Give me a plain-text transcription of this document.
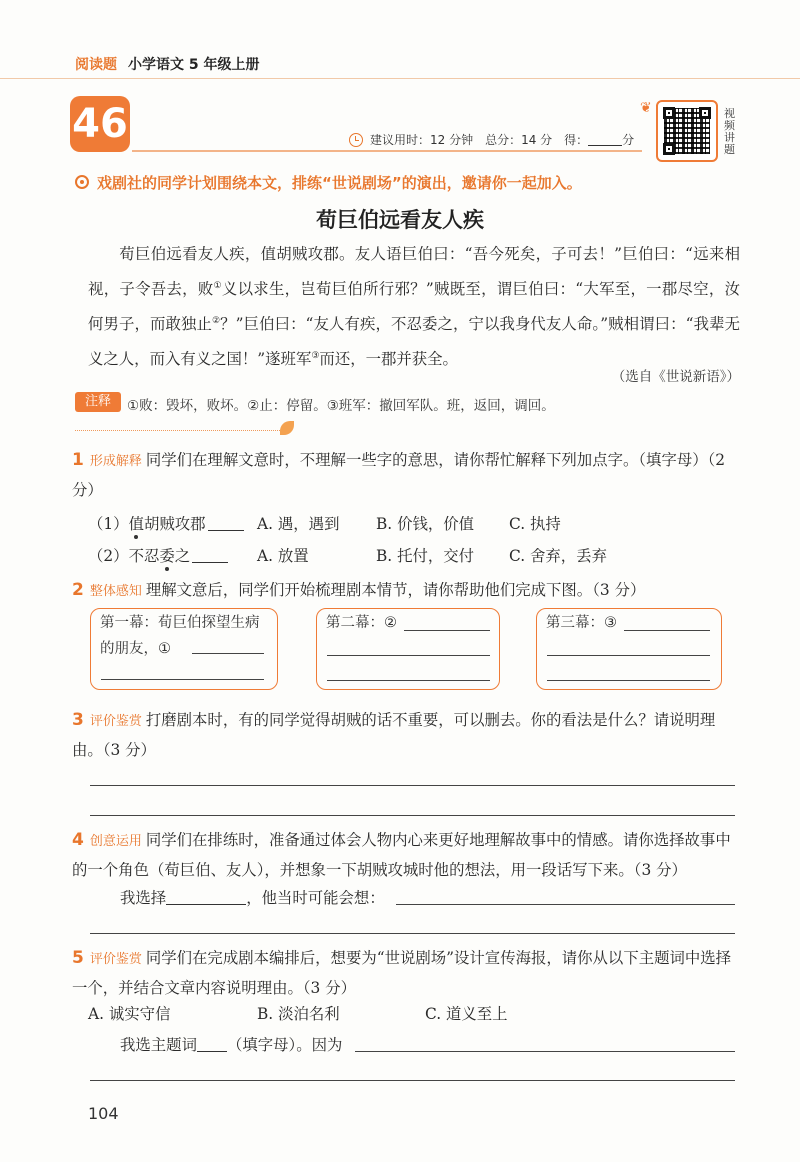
阅读题 小学语文 5 年级上册
46	建议用时：12 分钟　总分：14 分　得：	分
❦	视频讲题
戏剧社的同学计划围绕本文，排练“世说剧场”的演出，邀请你一起加入。
荀巨伯远看友人疾
荀巨伯远看友人疾，值胡贼攻郡。友人语巨伯曰：“吾今死矣，子可去！”巨伯曰：“远来相视，子令吾去，败①义以求生，岂荀巨伯所行邪？”贼既至，谓巨伯曰：“大军至，一郡尽空，汝何男子，而敢独止②？”巨伯曰：“友人有疾，不忍委之，宁以我身代友人命。”贼相谓曰：“我辈无义之人，而入有义之国！”遂班军③而还，一郡并获全。
（选自《世说新语》）
注释	①败：毁坏，败坏。②止：停留。③班军：撤回军队。班，返回，调回。
1 形成解释 同学们在理解文意时，不理解一些字的意思，请你帮忙解释下列加点字。（填字母）（2 分）
（1）值胡贼攻郡	A. 遇，遇到 B. 价钱，价值 C. 执持
（2）不忍委之	A. 放置	B. 托付，交付 C. 舍弃，丢弃
2 整体感知 理解文意后，同学们开始梳理剧本情节，请你帮助他们完成下图。（3 分）
第一幕：荀巨伯探望生病的朋友，①
第二幕：②	第三幕：③
3 评价鉴赏 打磨剧本时，有的同学觉得胡贼的话不重要，可以删去。你的看法是什么？请说明理由。（3 分）
4 创意运用 同学们在排练时，准备通过体会人物内心来更好地理解故事中的情感。请你选择故事中的一个角色（荀巨伯、友人），并想象一下胡贼攻城时他的想法，用一段话写下来。（3 分）
我选择	，他当时可能会想：
5 评价鉴赏 同学们在完成剧本编排后，想要为“世说剧场”设计宣传海报，请你从以下主题词中选择一个，并结合文章内容说明理由。（3 分）
A. 诚实守信	B. 淡泊名利	C. 道义至上
我选主题词 （填字母）。因为
104
